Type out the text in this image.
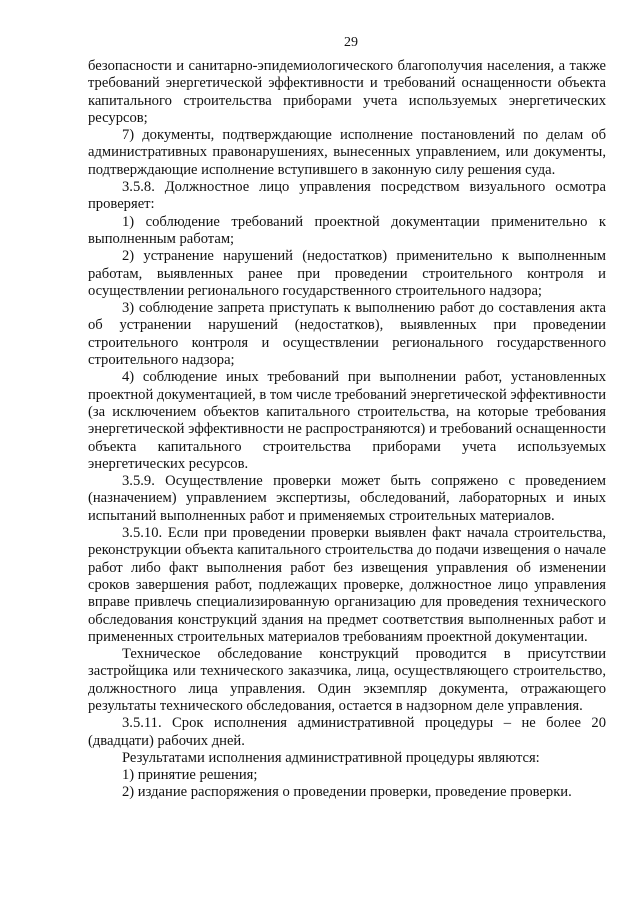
29

безопасности и санитарно-эпидемиологического благополучия населения, а также требований энергетической эффективности и требований оснащенности объекта капитального строительства приборами учета используемых энергетических ресурсов;

7) документы, подтверждающие исполнение постановлений по делам об административных правонарушениях, вынесенных управлением, или документы, подтверждающие исполнение вступившего в законную силу решения суда.

3.5.8. Должностное лицо управления посредством визуального осмотра проверяет:

1) соблюдение требований проектной документации применительно к выполненным работам;

2) устранение нарушений (недостатков) применительно к выполненным работам, выявленных ранее при проведении строительного контроля и осуществлении регионального государственного строительного надзора;

3) соблюдение запрета приступать к выполнению работ до составления акта об устранении нарушений (недостатков), выявленных при проведении строительного контроля и осуществлении регионального государственного строительного надзора;

4) соблюдение иных требований при выполнении работ, установленных проектной документацией, в том числе требований энергетической эффективности (за исключением объектов капитального строительства, на которые требования энергетической эффективности не распространяются) и требований оснащенности объекта капитального строительства приборами учета используемых энергетических ресурсов.

3.5.9. Осуществление проверки может быть сопряжено с проведением (назначением) управлением экспертизы, обследований, лабораторных и иных испытаний выполненных работ и применяемых строительных материалов.

3.5.10. Если при проведении проверки выявлен факт начала строительства, реконструкции объекта капитального строительства до подачи извещения о начале работ либо факт выполнения работ без извещения управления об изменении сроков завершения работ, подлежащих проверке, должностное лицо управления вправе привлечь специализированную организацию для проведения технического обследования конструкций здания на предмет соответствия выполненных работ и примененных строительных материалов требованиям проектной документации.

Техническое обследование конструкций проводится в присутствии застройщика или технического заказчика, лица, осуществляющего строительство, должностного лица управления. Один экземпляр документа, отражающего результаты технического обследования, остается в надзорном деле управления.

3.5.11. Срок исполнения административной процедуры – не более 20 (двадцати) рабочих дней.

Результатами исполнения административной процедуры являются:

1) принятие решения;

2) издание распоряжения о проведении проверки, проведение проверки.
